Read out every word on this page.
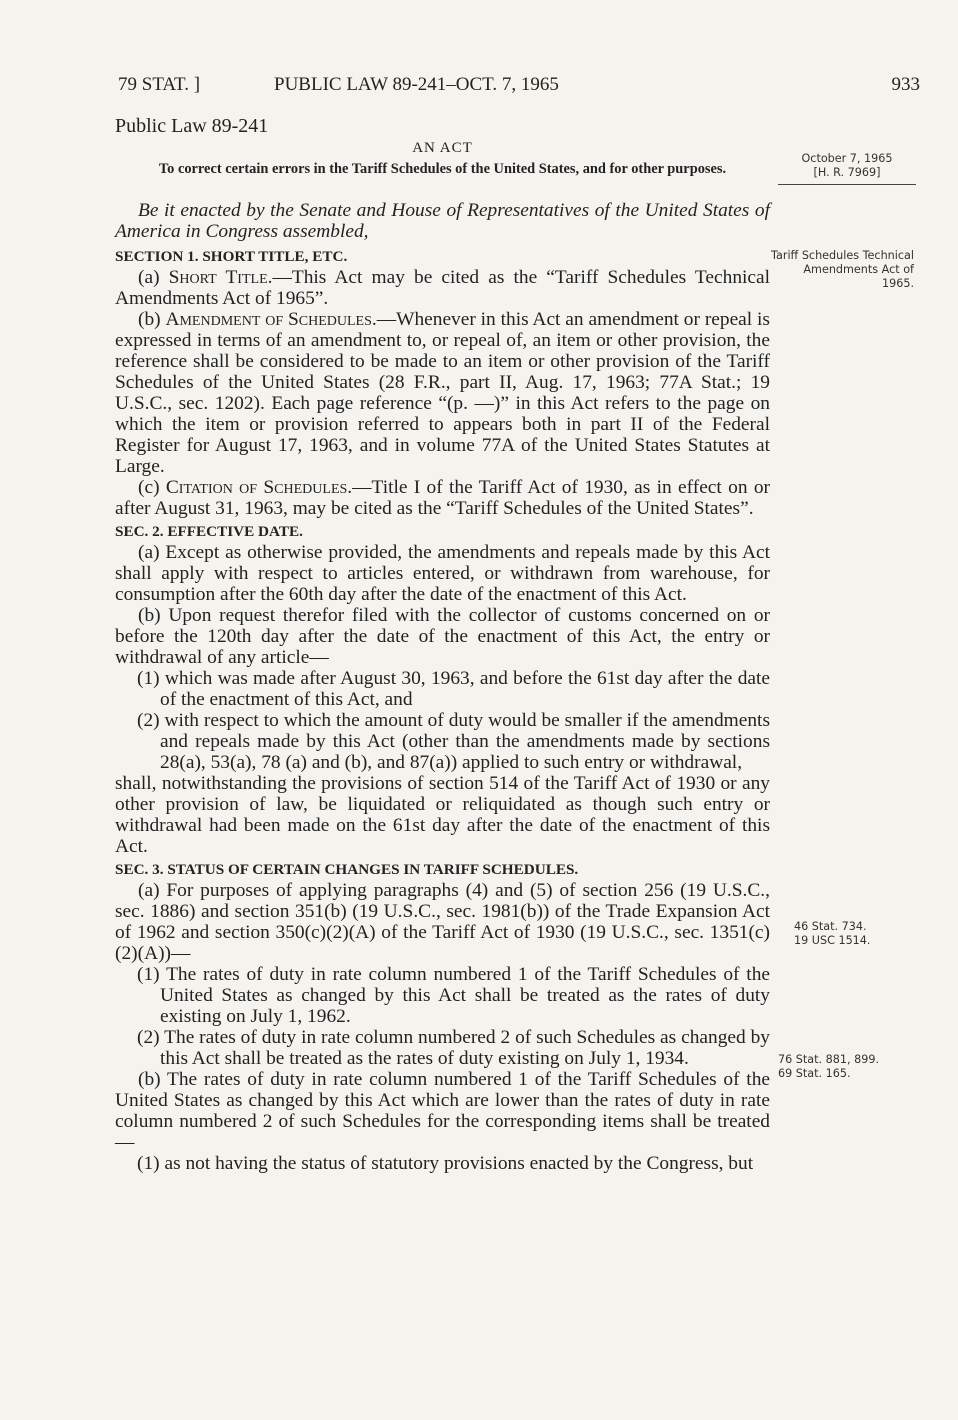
79 STAT. ]	PUBLIC LAW 89-241–OCT. 7, 1965	933

Public Law 89-241

AN ACT

To correct certain errors in the Tariff Schedules of the United States, and for other purposes.

Be it enacted by the Senate and House of Representatives of the United States of America in Congress assembled,

SECTION 1. SHORT TITLE, ETC.

(a) Short Title.—This Act may be cited as the “Tariff Schedules Technical Amendments Act of 1965”.

(b) Amendment of Schedules.—Whenever in this Act an amendment or repeal is expressed in terms of an amendment to, or repeal of, an item or other provision, the reference shall be considered to be made to an item or other provision of the Tariff Schedules of the United States (28 F.R., part II, Aug. 17, 1963; 77A Stat.; 19 U.S.C., sec. 1202). Each page reference “(p. —)” in this Act refers to the page on which the item or provision referred to appears both in part II of the Federal Register for August 17, 1963, and in volume 77A of the United States Statutes at Large.

(c) Citation of Schedules.—Title I of the Tariff Act of 1930, as in effect on or after August 31, 1963, may be cited as the “Tariff Schedules of the United States”.

SEC. 2. EFFECTIVE DATE.

(a) Except as otherwise provided, the amendments and repeals made by this Act shall apply with respect to articles entered, or withdrawn from warehouse, for consumption after the 60th day after the date of the enactment of this Act.

(b) Upon request therefor filed with the collector of customs concerned on or before the 120th day after the date of the enactment of this Act, the entry or withdrawal of any article—

(1) which was made after August 30, 1963, and before the 61st day after the date of the enactment of this Act, and

(2) with respect to which the amount of duty would be smaller if the amendments and repeals made by this Act (other than the amendments made by sections 28(a), 53(a), 78 (a) and (b), and 87(a)) applied to such entry or withdrawal,

shall, notwithstanding the provisions of section 514 of the Tariff Act of 1930 or any other provision of law, be liquidated or reliquidated as though such entry or withdrawal had been made on the 61st day after the date of the enactment of this Act.

SEC. 3. STATUS OF CERTAIN CHANGES IN TARIFF SCHEDULES.

(a) For purposes of applying paragraphs (4) and (5) of section 256 (19 U.S.C., sec. 1886) and section 351(b) (19 U.S.C., sec. 1981(b)) of the Trade Expansion Act of 1962 and section 350(c)(2)(A) of the Tariff Act of 1930 (19 U.S.C., sec. 1351(c)(2)(A))—

(1) The rates of duty in rate column numbered 1 of the Tariff Schedules of the United States as changed by this Act shall be treated as the rates of duty existing on July 1, 1962.

(2) The rates of duty in rate column numbered 2 of such Schedules as changed by this Act shall be treated as the rates of duty existing on July 1, 1934.

(b) The rates of duty in rate column numbered 1 of the Tariff Schedules of the United States as changed by this Act which are lower than the rates of duty in rate column numbered 2 of such Schedules for the corresponding items shall be treated—

(1) as not having the status of statutory provisions enacted by the Congress, but

October 7, 1965
[H. R. 7969]
Tariff Schedules Technical Amendments Act of 1965.
46 Stat. 734.
19 USC 1514.
76 Stat. 881, 899.
69 Stat. 165.
